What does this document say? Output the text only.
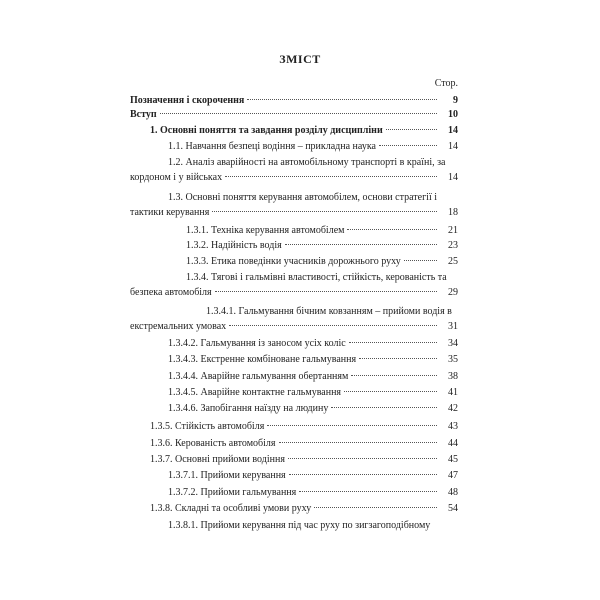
ЗМІСТ
Стор.
Позначення і скорочення	9
Вступ	10
1. Основні поняття та завдання розділу дисципліни	14
1.1. Навчання безпеці водіння – прикладна наука	14
1.2. Аналіз аварійності на автомобільному транспорті в країні, за
кордоном і у військах	14
1.3. Основні поняття керування автомобілем, основи стратегії і
тактики керування	18
1.3.1. Техніка керування автомобілем	21
1.3.2. Надійність водія	23
1.3.3. Етика поведінки учасників дорожнього руху	25
1.3.4. Тягові і гальмівні властивості, стійкість, керованість та
безпека автомобіля	29
1.3.4.1. Гальмування бічним ковзанням – прийоми водія в
екстремальних умовах	31
1.3.4.2. Гальмування із заносом усіх коліс	34
1.3.4.3. Екстренне комбіноване гальмування	35
1.3.4.4. Аварійне гальмування обертанням	38
1.3.4.5. Аварійне контактне гальмування	41
1.3.4.6. Запобігання наїзду на людину	42
1.3.5. Стійкість автомобіля	43
1.3.6. Керованість автомобіля	44
1.3.7. Основні прийоми водіння	45
1.3.7.1. Прийоми керування	47
1.3.7.2. Прийоми гальмування	48
1.3.8. Складні та особливі умови руху	54
1.3.8.1. Прийоми керування під час руху по зигзагоподібному
